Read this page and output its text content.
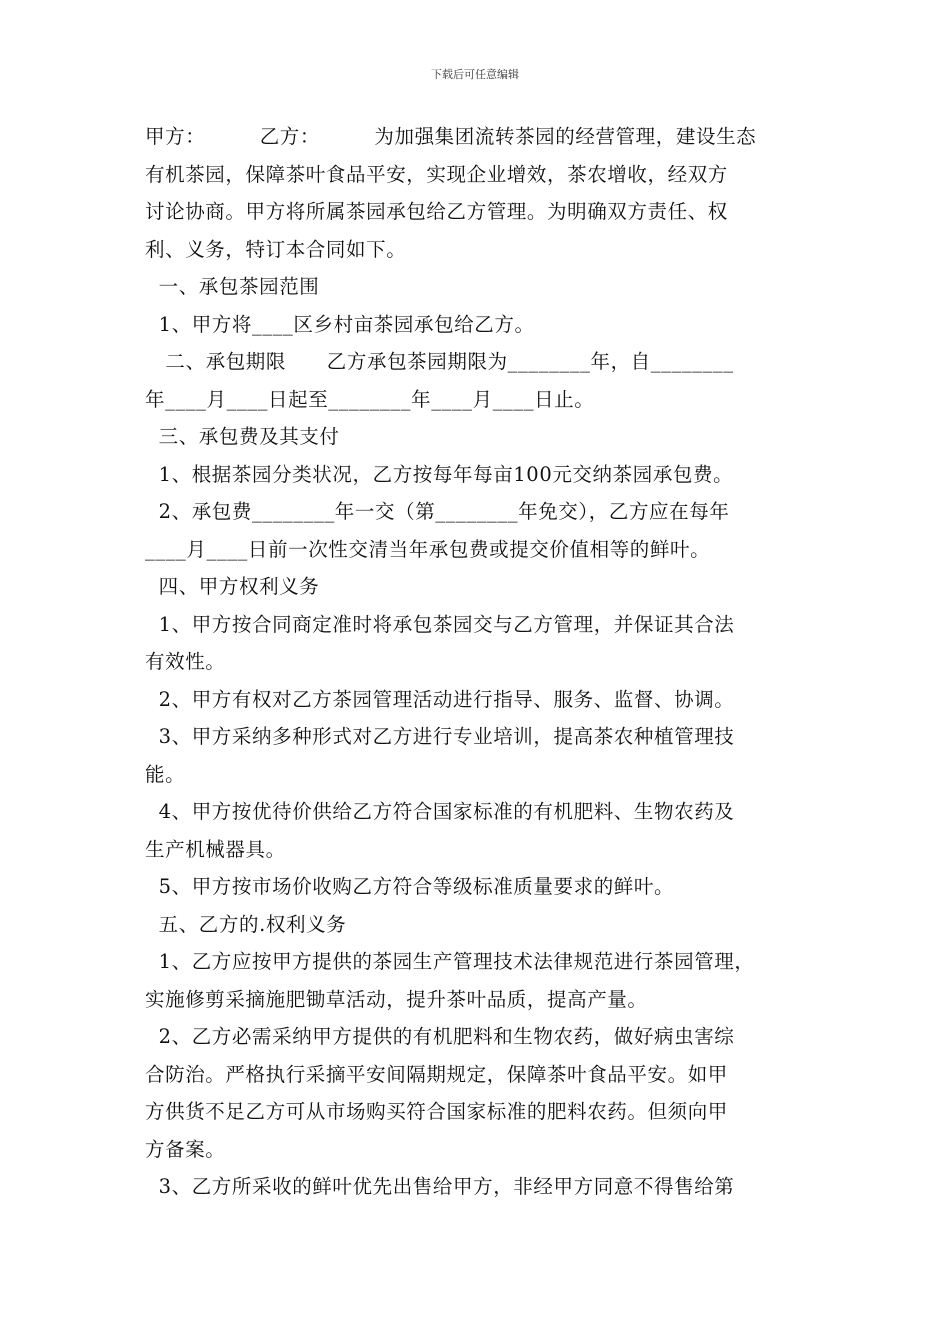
下载后可任意编辑

甲方：        乙方：        为加强集团流转茶园的经营管理，建设生态

有机茶园，保障茶叶食品平安，实现企业增效，茶农增收，经双方

讨论协商。甲方将所属茶园承包给乙方管理。为明确双方责任、权

利、义务，特订本合同如下。

一、承包茶园范围

1、甲方将____区乡村亩茶园承包给乙方。

二、承包期限      乙方承包茶园期限为________年，自________

年____月____日起至________年____月____日止。

三、承包费及其支付

1、根据茶园分类状况，乙方按每年每亩100元交纳茶园承包费。

2、承包费________年一交（第________年免交），乙方应在每年

____月____日前一次性交清当年承包费或提交价值相等的鲜叶。

四、甲方权利义务

1、甲方按合同商定准时将承包茶园交与乙方管理，并保证其合法

有效性。

2、甲方有权对乙方茶园管理活动进行指导、服务、监督、协调。

3、甲方采纳多种形式对乙方进行专业培训，提高茶农种植管理技

能。

4、甲方按优待价供给乙方符合国家标准的有机肥料、生物农药及

生产机械器具。

5、甲方按市场价收购乙方符合等级标准质量要求的鲜叶。

五、乙方的.权利义务

1、乙方应按甲方提供的茶园生产管理技术法律规范进行茶园管理，

实施修剪采摘施肥锄草活动，提升茶叶品质，提高产量。

2、乙方必需采纳甲方提供的有机肥料和生物农药，做好病虫害综

合防治。严格执行采摘平安间隔期规定，保障茶叶食品平安。如甲

方供货不足乙方可从市场购买符合国家标准的肥料农药。但须向甲

方备案。

3、乙方所采收的鲜叶优先出售给甲方，非经甲方同意不得售给第
